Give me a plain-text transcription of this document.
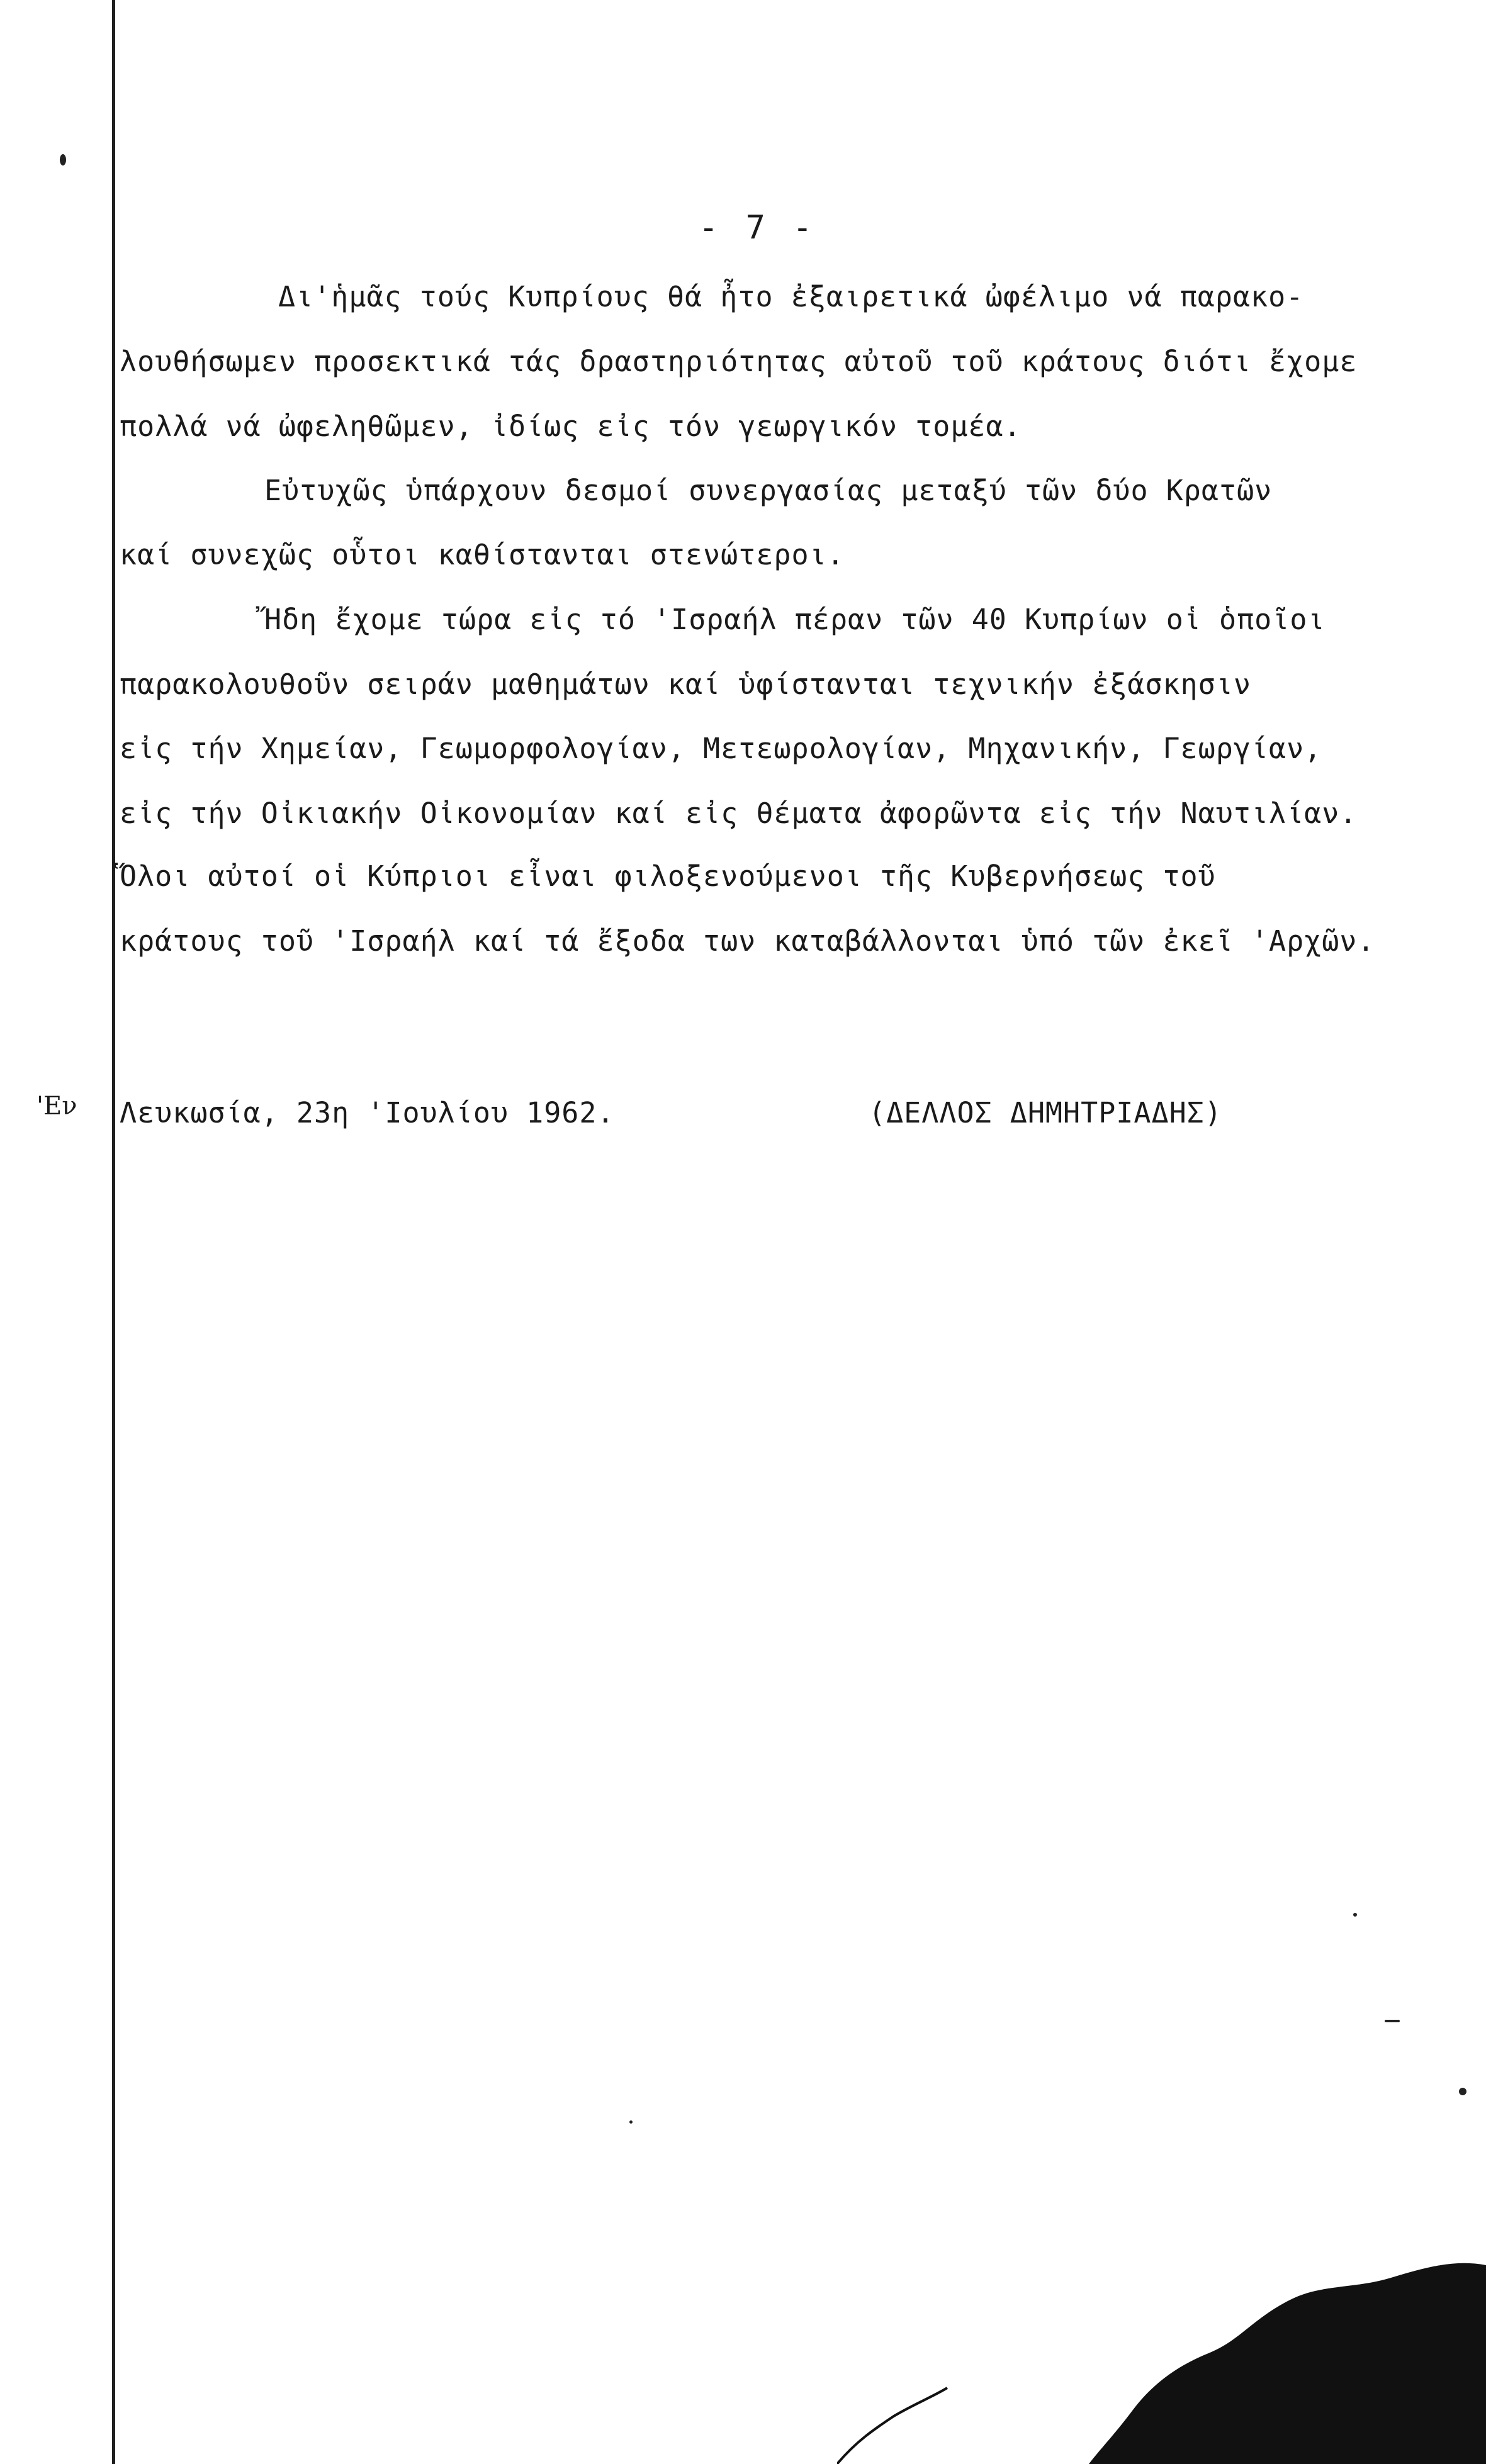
- 7 -
Δι'ἡμᾶς τούς Κυπρίους θά ἦτο ἐξαιρετικά ὠφέλιμο νά παρακο-
λουθήσωμεν προσεκτικά τάς δραστηριότητας αὐτοῦ τοῦ κράτους διότι ἔχομε
πολλά νά ὠφεληθῶμεν, ἰδίως εἰς τόν γεωργικόν τομέα.
Εὐτυχῶς ὑπάρχουν δεσμοί συνεργασίας μεταξύ τῶν δύο Κρατῶν
καί συνεχῶς οὗτοι καθίστανται στενώτεροι.
Ἤδη ἔχομε τώρα εἰς τό 'Ισραήλ πέραν τῶν 40 Κυπρίων οἱ ὁποῖοι
παρακολουθοῦν σειράν μαθημάτων καί ὑφίστανται τεχνικήν ἐξάσκησιν
εἰς τήν Χημείαν, Γεωμορφολογίαν, Μετεωρολογίαν, Μηχανικήν, Γεωργίαν,
εἰς τήν Οἰκιακήν Οἰκονομίαν καί εἰς θέματα ἀφορῶντα εἰς τήν Ναυτιλίαν.
Ὅλοι αὐτοί οἱ Κύπριοι εἶναι φιλοξενούμενοι τῆς Κυβερνήσεως τοῦ
κράτους τοῦ 'Ισραήλ καί τά ἔξοδα των καταβάλλονται ὑπό τῶν ἐκεῖ 'Αρχῶν.
'Εν Λευκωσία, 23η 'Ιουλίου 1962.	(ΔΕΛΛΟΣ ΔΗΜΗΤΡΙΑΔΗΣ)
